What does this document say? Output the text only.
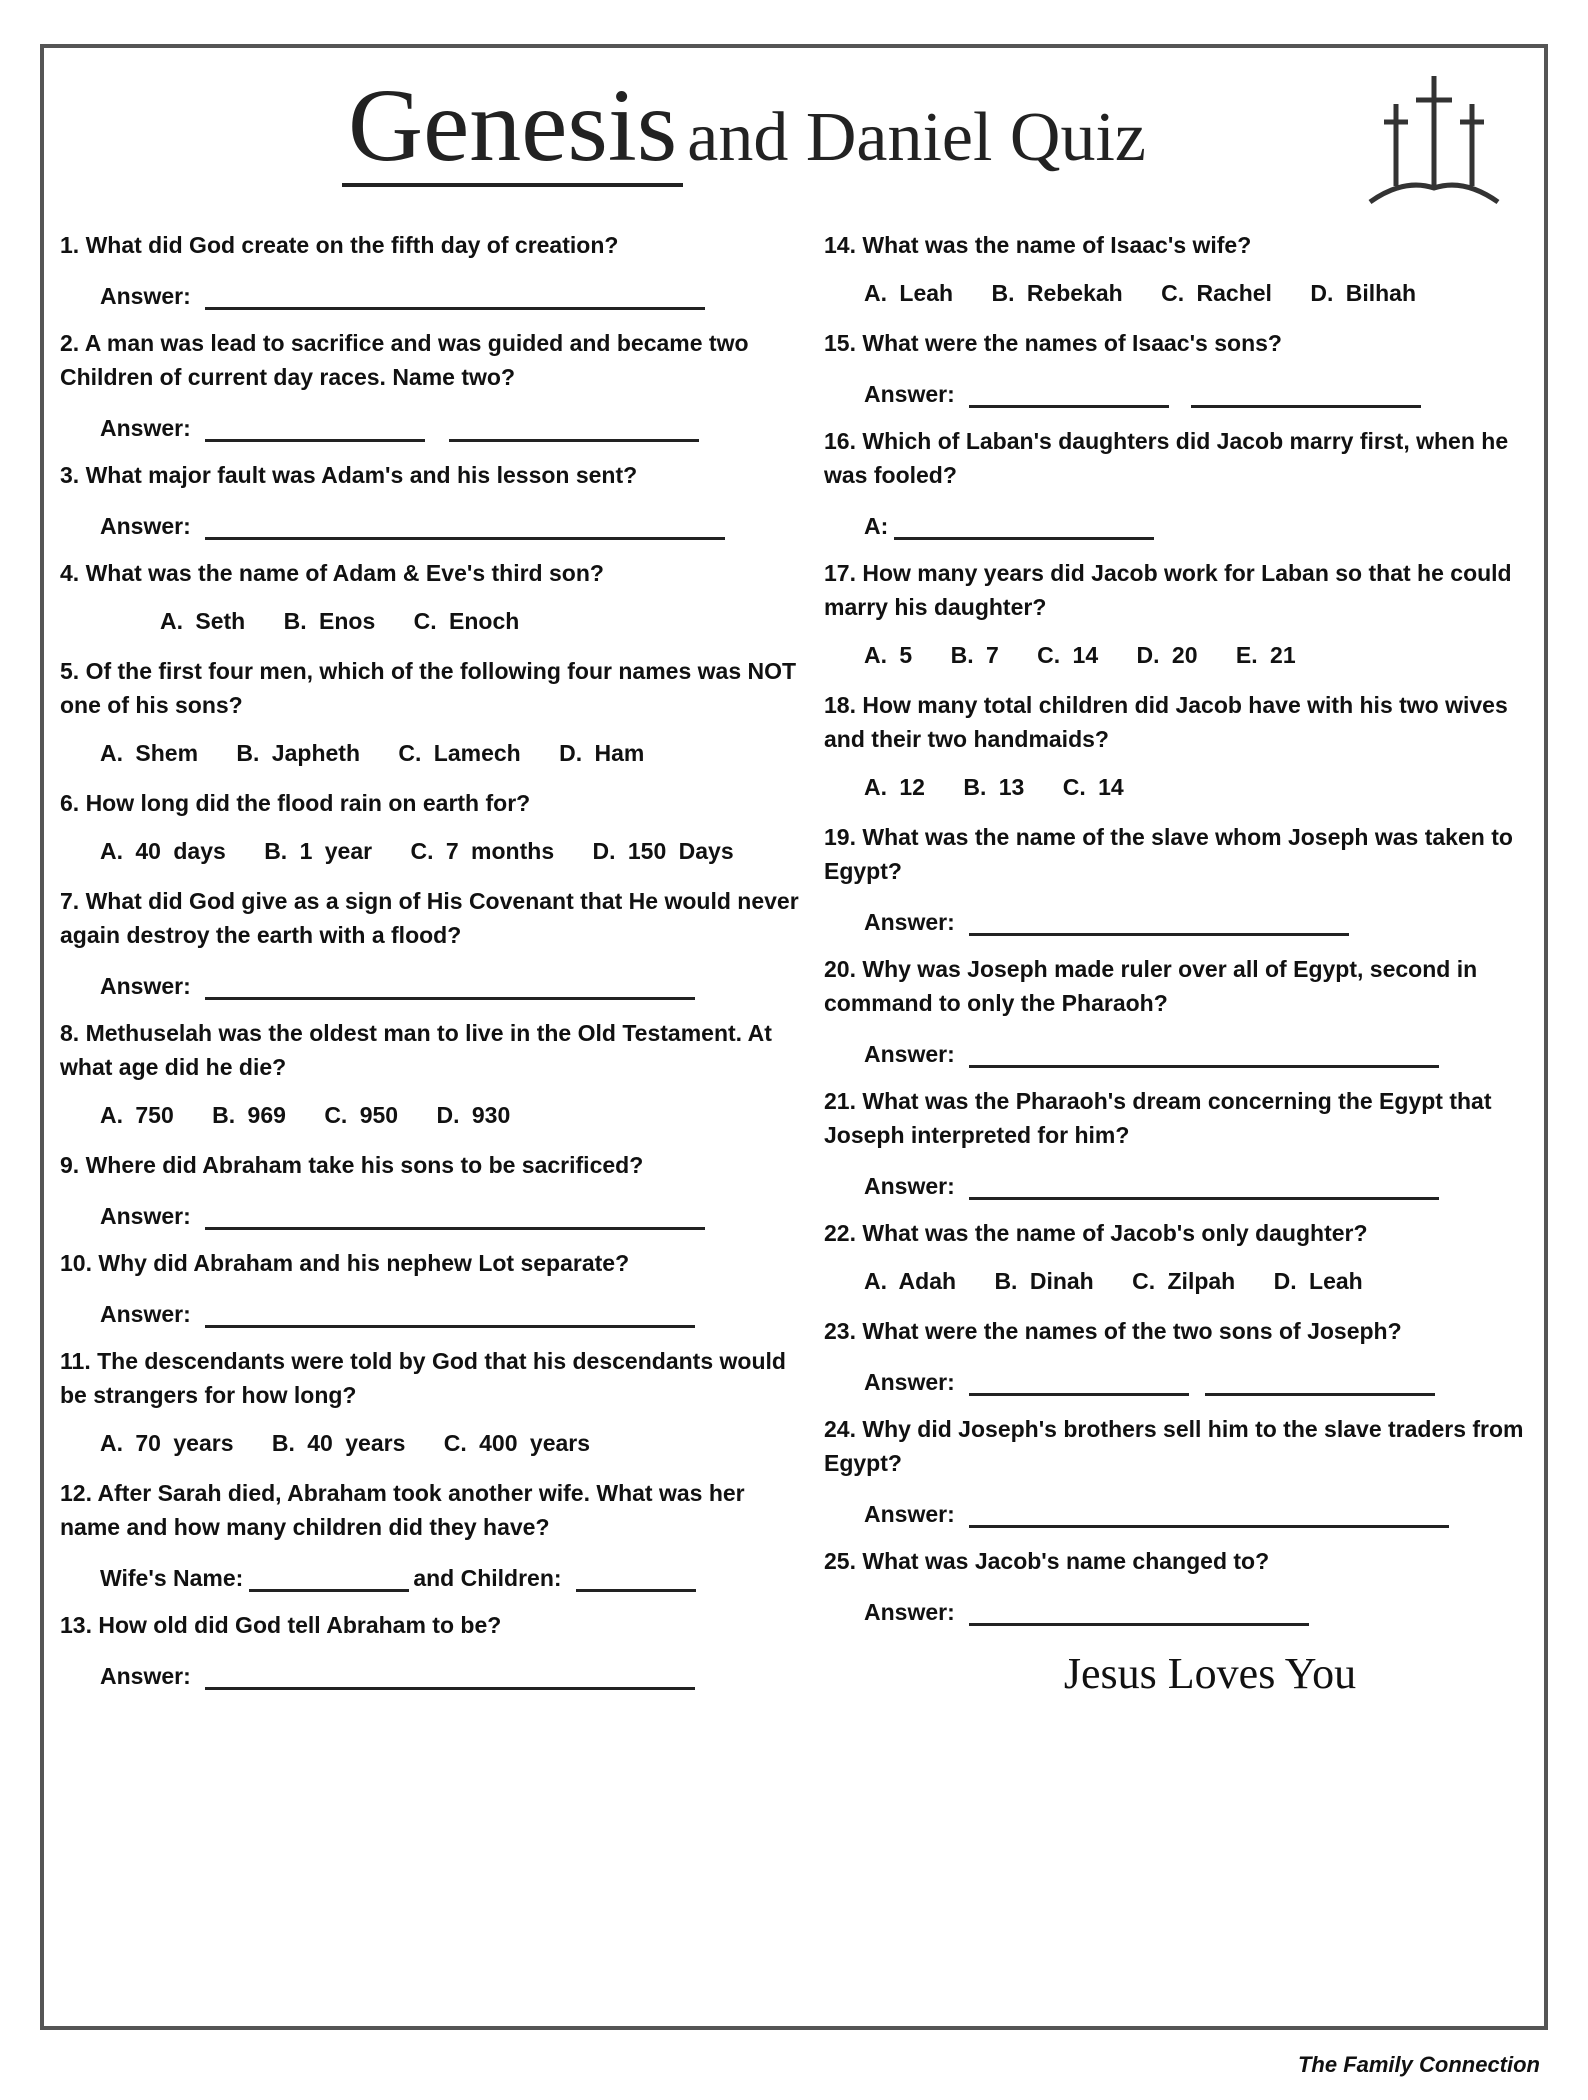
Genesis and Daniel Quiz

1. What did God create on the fifth day of creation?

Answer:

2. A man was lead to sacrifice and was guided and became two Children of current day races. Name two?

Answer:

3. What major fault was Adam's and his lesson sent?

Answer:

4. What was the name of Adam & Eve's third son?

A. Seth B. Enos C. Enoch

5. Of the first four men, which of the following four names was NOT one of his sons?

A. Shem B. Japheth C. Lamech D. Ham

6. How long did the flood rain on earth for?

A. 40 days B. 1 year C. 7 months D. 150 Days

7. What did God give as a sign of His Covenant that He would never again destroy the earth with a flood?

Answer:

8. Methuselah was the oldest man to live in the Old Testament. At what age did he die?

A. 750 B. 969 C. 950 D. 930

9. Where did Abraham take his sons to be sacrificed?

Answer:

10. Why did Abraham and his nephew Lot separate?

Answer:

11. The descendants were told by God that his descendants would be strangers for how long?

A. 70 years B. 40 years C. 400 years

12. After Sarah died, Abraham took another wife. What was her name and how many children did they have?

Wife's Name:	and Children:

13. How old did God tell Abraham to be?

Answer:

14. What was the name of Isaac's wife?

A. Leah B. Rebekah C. Rachel D. Bilhah

15. What were the names of Isaac's sons?

Answer:

16. Which of Laban's daughters did Jacob marry first, when he was fooled?

A:

17. How many years did Jacob work for Laban so that he could marry his daughter?

A. 5 B. 7 C. 14 D. 20 E. 21

18. How many total children did Jacob have with his two wives and their two handmaids?

A. 12 B. 13 C. 14

19. What was the name of the slave whom Joseph was taken to Egypt?

Answer:

20. Why was Joseph made ruler over all of Egypt, second in command to only the Pharaoh?

Answer:

21. What was the Pharaoh's dream concerning the Egypt that Joseph interpreted for him?

Answer:

22. What was the name of Jacob's only daughter?

A. Adah B. Dinah C. Zilpah D. Leah

23. What were the names of the two sons of Joseph?

Answer:

24. Why did Joseph's brothers sell him to the slave traders from Egypt?

Answer:

25. What was Jacob's name changed to?

Answer:
Jesus Loves You
The Family Connection
